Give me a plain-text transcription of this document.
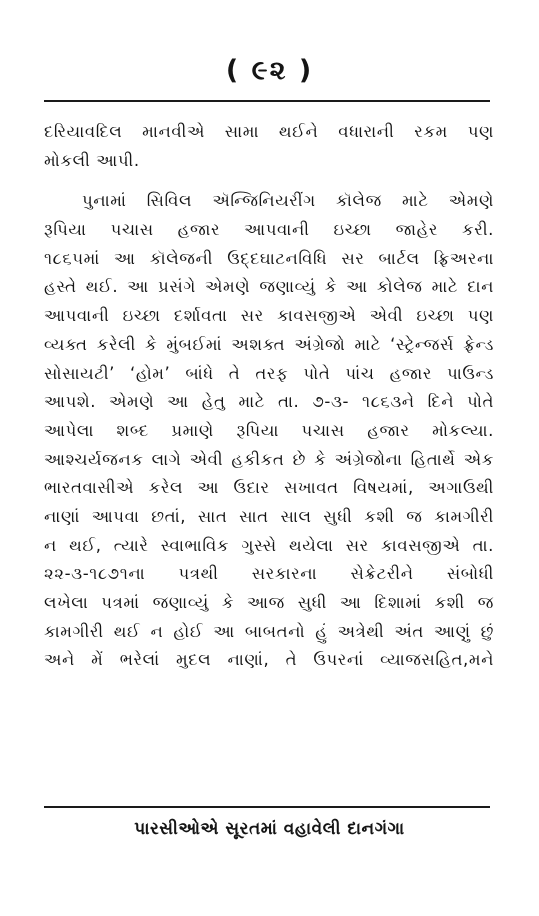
( ૯૨ )
દરિયાવદિલ માનવીએ સામા થઈને વધારાની રકમ પણ
મોકલી આપી.
પુનામાં સિવિલ ઍન્જિનિયરીંગ કૉલેજ માટે એમણે
રૂપિયા પચાસ હજાર આપવાની ઇચ્છા જાહેર કરી.
૧૮૬૫માં આ કૉલેજની ઉદ્દઘાટનવિધિ સર બાર્ટલ ફ્રિઅરના
હસ્તે થઈ. આ પ્રસંગે એમણે જણાવ્યું કે આ કોલેજ માટે દાન
આપવાની ઇચ્છા દર્શાવતા સર કાવસજીએ એવી ઇચ્છા પણ
વ્યક્ત કરેલી કે મુંબઈમાં અશક્ત અંગ્રેજો માટે ‘સ્ટ્રેન્જર્સ ફ્રેન્ડ
સોસાયટી’ ‘હોમ’ બાંધે તે તરફ પોતે પાંચ હજાર પાઉન્ડ
આપશે. એમણે આ હેતુ માટે તા. ૭-૩- ૧૮૬૩ને દિને પોતે
આપેલા શબ્દ પ્રમાણે રૂપિયા પચાસ હજાર મોકલ્યા.
આશ્ચર્યજનક લાગે એવી હકીકત છે કે અંગ્રેજોના હિતાર્થે એક
ભારતવાસીએ કરેલ આ ઉદાર સખાવત વિષયમાં, અગાઉથી
નાણાં આપવા છતાં, સાત સાત સાલ સુધી કશી જ કામગીરી
ન થઈ, ત્યારે સ્વાભાવિક ગુસ્સે થયેલા સર કાવસજીએ તા.
૨૨-૩-૧૮૭૧ના પત્રથી સરકારના સેક્રેટરીને સંબોધી
લખેલા પત્રમાં જણાવ્યું કે આજ સુધી આ દિશામાં કશી જ
કામગીરી થઈ ન હોઈ આ બાબતનો હું અત્રેથી અંત આણું છું
અને મેં ભરેલાં મુદલ નાણાં, તે ઉપરનાં વ્યાજસહિત,મને
પારસીઓએ સૂરતમાં વહાવેલી દાનગંગા
